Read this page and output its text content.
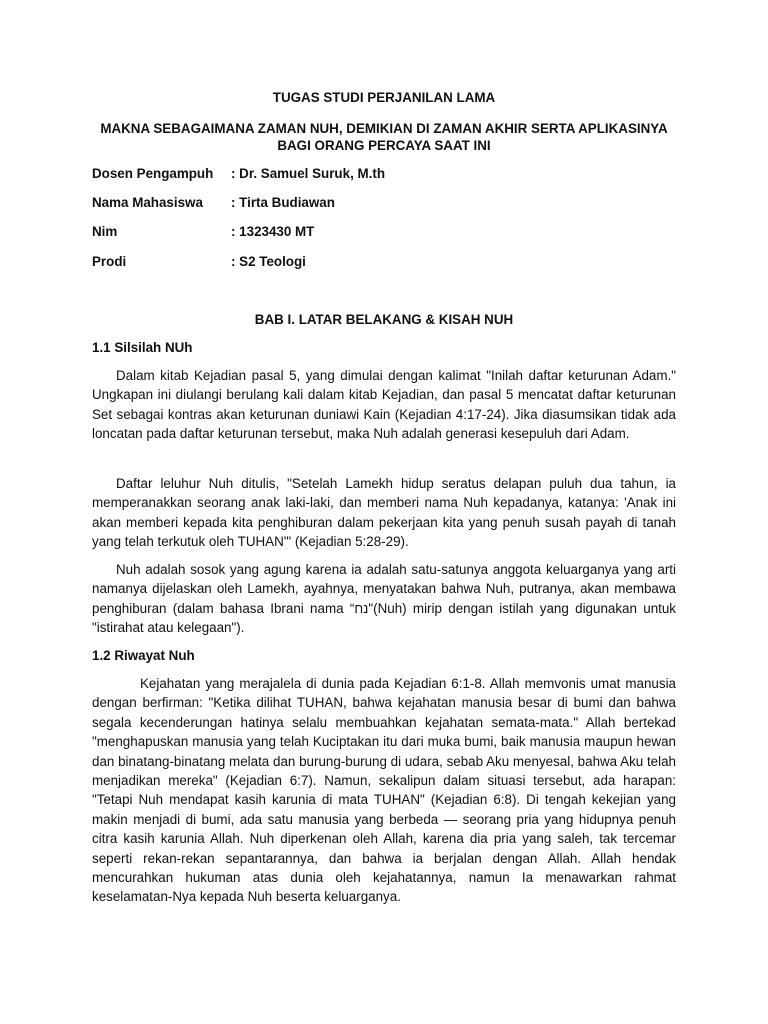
TUGAS STUDI PERJANILAN LAMA
MAKNA SEBAGAIMANA ZAMAN NUH, DEMIKIAN DI ZAMAN AKHIR SERTA APLIKASINYA BAGI ORANG PERCAYA SAAT INI
Dosen Pengampuh : Dr. Samuel Suruk, M.th
Nama Mahasiswa : Tirta Budiawan
Nim	: 1323430 MT
Prodi	: S2 Teologi
BAB I. LATAR BELAKANG & KISAH NUH
1.1 Silsilah NUh
Dalam kitab Kejadian pasal 5, yang dimulai dengan kalimat "Inilah daftar keturunan Adam." Ungkapan ini diulangi berulang kali dalam kitab Kejadian, dan pasal 5 mencatat daftar keturunan Set sebagai kontras akan keturunan duniawi Kain (Kejadian 4:17-24). Jika diasumsikan tidak ada loncatan pada daftar keturunan tersebut, maka Nuh adalah generasi kesepuluh dari Adam.
Daftar leluhur Nuh ditulis, "Setelah Lamekh hidup seratus delapan puluh dua tahun, ia memperanakkan seorang anak laki-laki, dan memberi nama Nuh kepadanya, katanya: 'Anak ini akan memberi kepada kita penghiburan dalam pekerjaan kita yang penuh susah payah di tanah yang telah terkutuk oleh TUHAN'" (Kejadian 5:28-29).
Nuh adalah sosok yang agung karena ia adalah satu-satunya anggota keluarganya yang arti namanya dijelaskan oleh Lamekh, ayahnya, menyatakan bahwa Nuh, putranya, akan membawa penghiburan (dalam bahasa Ibrani nama “נח"(Nuh) mirip dengan istilah yang digunakan untuk "istirahat atau kelegaan").
1.2 Riwayat Nuh
Kejahatan yang merajalela di dunia pada Kejadian 6:1-8. Allah memvonis umat manusia dengan berfirman: "Ketika dilihat TUHAN, bahwa kejahatan manusia besar di bumi dan bahwa segala kecenderungan hatinya selalu membuahkan kejahatan semata-mata." Allah bertekad "menghapuskan manusia yang telah Kuciptakan itu dari muka bumi, baik manusia maupun hewan dan binatang-binatang melata dan burung-burung di udara, sebab Aku menyesal, bahwa Aku telah menjadikan mereka" (Kejadian 6:7). Namun, sekalipun dalam situasi tersebut, ada harapan: "Tetapi Nuh mendapat kasih karunia di mata TUHAN" (Kejadian 6:8). Di tengah kekejian yang makin menjadi di bumi, ada satu manusia yang berbeda — seorang pria yang hidupnya penuh citra kasih karunia Allah. Nuh diperkenan oleh Allah, karena dia pria yang saleh, tak tercemar seperti rekan-rekan sepantarannya, dan bahwa ia berjalan dengan Allah. Allah hendak mencurahkan hukuman atas dunia oleh kejahatannya, namun Ia menawarkan rahmat keselamatan-Nya kepada Nuh beserta keluarganya.
